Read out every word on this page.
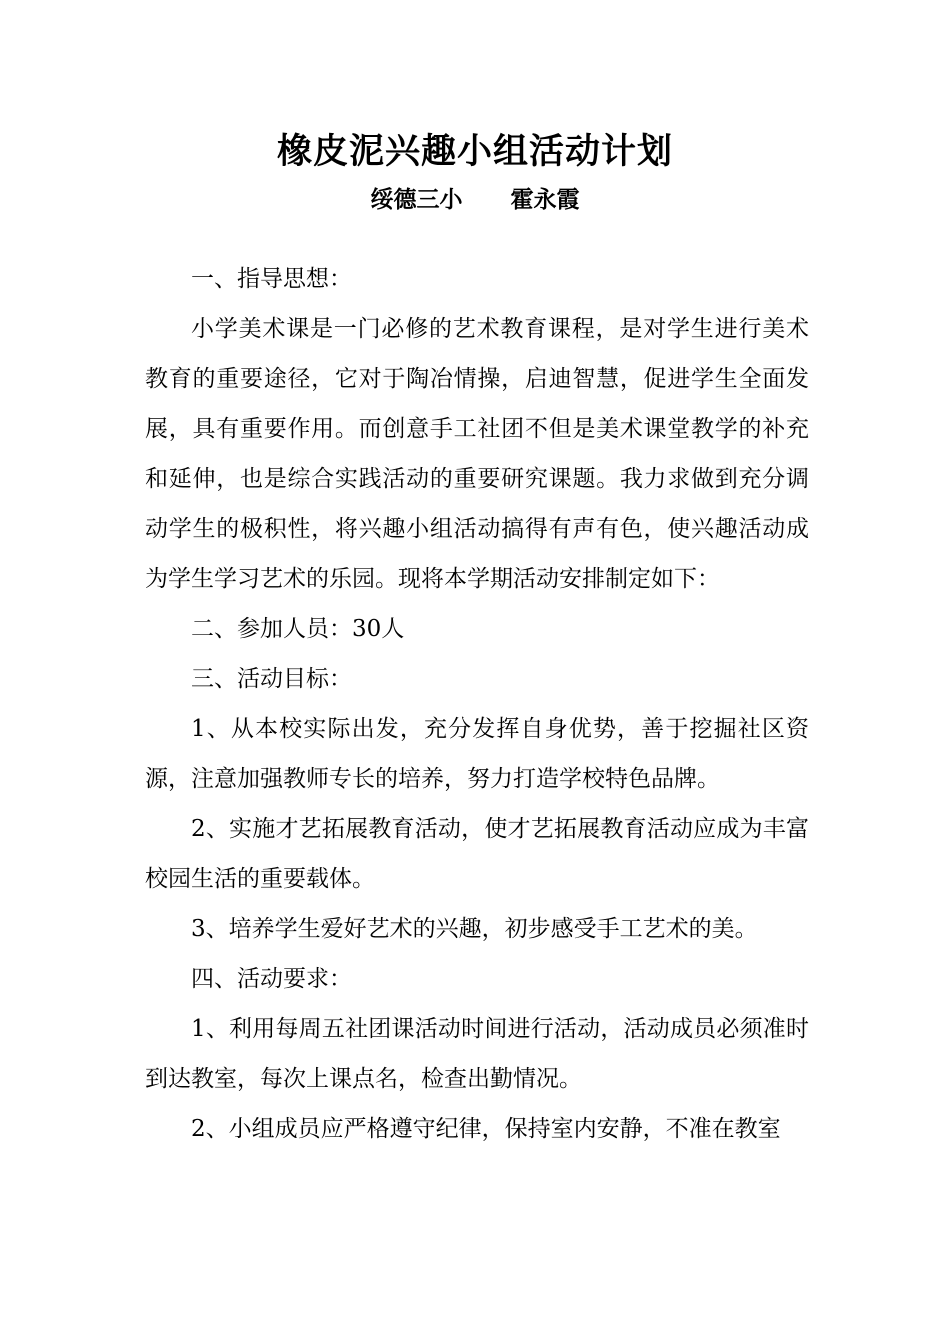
橡皮泥兴趣小组活动计划
绥德三小      霍永霞

一、指导思想：

小学美术课是一门必修的艺术教育课程，是对学生进行美术教育的重要途径，它对于陶冶情操，启迪智慧，促进学生全面发展，具有重要作用。而创意手工社团不但是美术课堂教学的补充和延伸，也是综合实践活动的重要研究课题。我力求做到充分调动学生的极积性，将兴趣小组活动搞得有声有色，使兴趣活动成为学生学习艺术的乐园。现将本学期活动安排制定如下：

二、参加人员：30人

三、活动目标：

1、从本校实际出发，充分发挥自身优势，善于挖掘社区资源，注意加强教师专长的培养，努力打造学校特色品牌。

2、实施才艺拓展教育活动，使才艺拓展教育活动应成为丰富校园生活的重要载体。

3、培养学生爱好艺术的兴趣，初步感受手工艺术的美。

四、活动要求：

1、利用每周五社团课活动时间进行活动，活动成员必须准时到达教室，每次上课点名，检查出勤情况。

2、小组成员应严格遵守纪律，保持室内安静，不准在教室
